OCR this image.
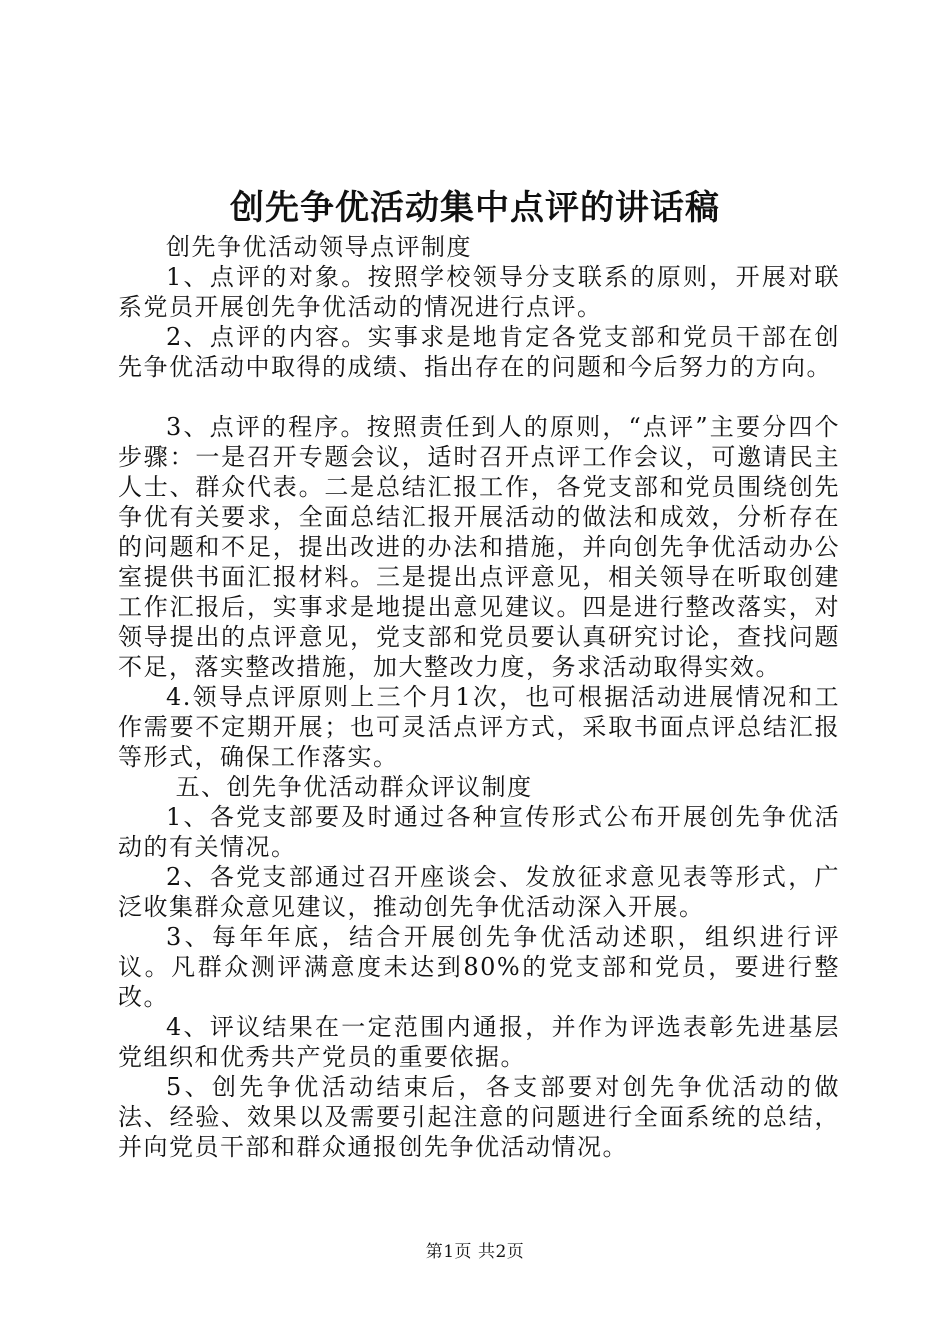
创先争优活动集中点评的讲话稿

创先争优活动领导点评制度

1、点评的对象。按照学校领导分支联系的原则，开展对联系党员开展创先争优活动的情况进行点评。

2、点评的内容。实事求是地肯定各党支部和党员干部在创先争优活动中取得的成绩、指出存在的问题和今后努力的方向。

3、点评的程序。按照责任到人的原则，“点评”主要分四个步骤：一是召开专题会议，适时召开点评工作会议，可邀请民主人士、群众代表。二是总结汇报工作，各党支部和党员围绕创先争优有关要求，全面总结汇报开展活动的做法和成效，分析存在的问题和不足，提出改进的办法和措施，并向创先争优活动办公室提供书面汇报材料。三是提出点评意见，相关领导在听取创建工作汇报后，实事求是地提出意见建议。四是进行整改落实，对领导提出的点评意见，党支部和党员要认真研究讨论，查找问题不足，落实整改措施，加大整改力度，务求活动取得实效。

4.领导点评原则上三个月1次，也可根据活动进展情况和工作需要不定期开展；也可灵活点评方式，采取书面点评总结汇报等形式，确保工作落实。

五、创先争优活动群众评议制度

1、各党支部要及时通过各种宣传形式公布开展创先争优活动的有关情况。

2、各党支部通过召开座谈会、发放征求意见表等形式，广泛收集群众意见建议，推动创先争优活动深入开展。

3、每年年底，结合开展创先争优活动述职，组织进行评议。凡群众测评满意度未达到80%的党支部和党员，要进行整改。

4、评议结果在一定范围内通报，并作为评选表彰先进基层党组织和优秀共产党员的重要依据。

5、创先争优活动结束后，各支部要对创先争优活动的做法、经验、效果以及需要引起注意的问题进行全面系统的总结，并向党员干部和群众通报创先争优活动情况。

第1页 共2页
